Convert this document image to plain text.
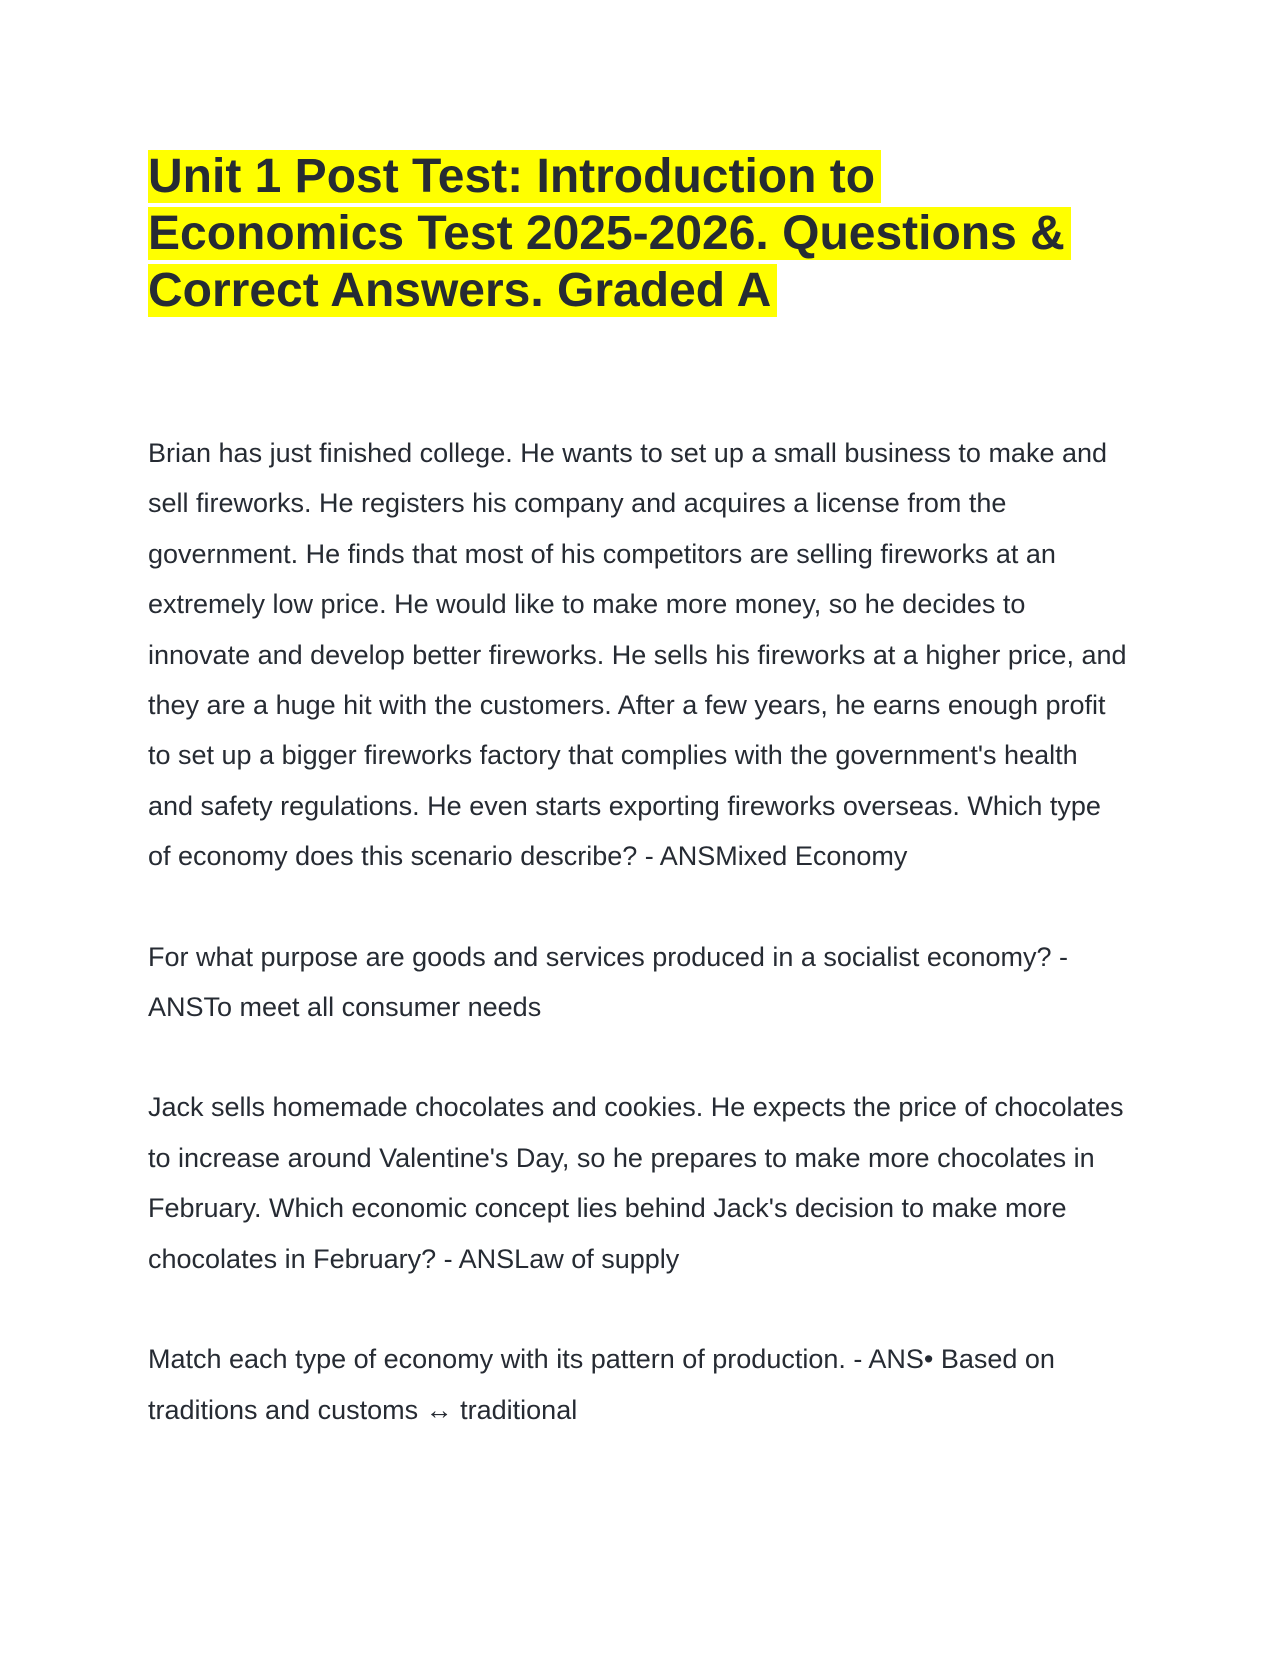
Unit 1 Post Test: Introduction to Economics Test 2025-2026. Questions & Correct Answers. Graded A

Brian has just finished college. He wants to set up a small business to make and sell fireworks. He registers his company and acquires a license from the government. He finds that most of his competitors are selling fireworks at an extremely low price. He would like to make more money, so he decides to innovate and develop better fireworks. He sells his fireworks at a higher price, and they are a huge hit with the customers. After a few years, he earns enough profit to set up a bigger fireworks factory that complies with the government's health and safety regulations. He even starts exporting fireworks overseas. Which type of economy does this scenario describe? - ANSMixed Economy

For what purpose are goods and services produced in a socialist economy? - ANSTo meet all consumer needs

Jack sells homemade chocolates and cookies. He expects the price of chocolates to increase around Valentine's Day, so he prepares to make more chocolates in February. Which economic concept lies behind Jack's decision to make more chocolates in February? - ANSLaw of supply

Match each type of economy with its pattern of production. - ANS• Based on traditions and customs ↔ traditional
